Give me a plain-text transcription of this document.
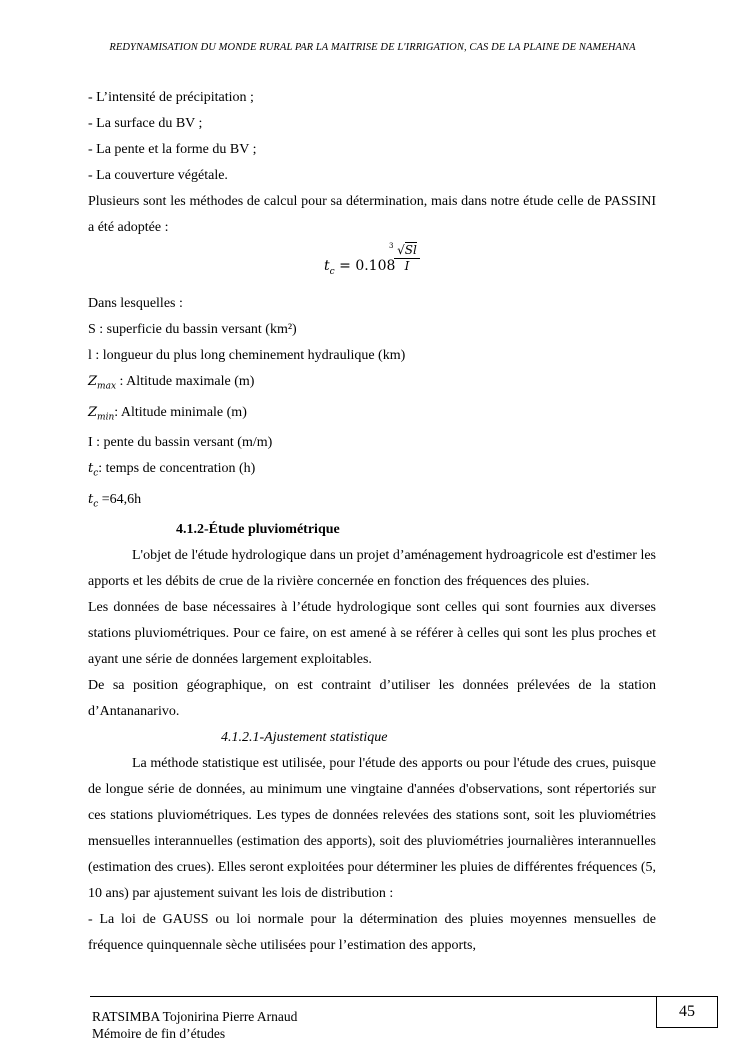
REDYNAMISATION DU MONDE RURAL PAR LA MAITRISE DE L'IRRIGATION, CAS DE LA PLAINE DE NAMEHANA
- L’intensité de précipitation ;
- La surface du BV ;
- La pente et la forme du BV ;
- La couverture végétale.
Plusieurs sont les méthodes de calcul pour sa détermination, mais dans notre étude celle de PASSINI a été adoptée :
$t_c = 0.108$
3 √Sl
I
Dans lesquelles :
S : superficie du bassin versant (km²)
l : longueur du plus long cheminement hydraulique (km)
$Z_{max}$ : Altitude maximale (m)
$Z_{min}$: Altitude minimale (m)
I : pente du bassin versant (m/m)
$t_c$: temps de concentration (h)
$t_c =64,6h$
4.1.2-Étude pluviométrique
L'objet de l'étude hydrologique dans un projet d’aménagement hydroagricole est d'estimer les apports et les débits de crue de la rivière concernée en fonction des fréquences des pluies.
Les données de base nécessaires à l’étude hydrologique sont celles qui sont fournies aux diverses stations pluviométriques. Pour ce faire, on est amené à se référer à celles qui sont les plus proches et ayant une série de données largement exploitables.
De sa position géographique, on est contraint d’utiliser les données prélevées de la station d’Antananarivo.
4.1.2.1-Ajustement statistique
La méthode statistique est utilisée, pour l'étude des apports ou pour l'étude des crues, puisque de longue série de données, au minimum une vingtaine d'années d'observations, sont répertoriés sur ces stations pluviométriques. Les types de données relevées des stations sont, soit les pluviométries mensuelles interannuelles (estimation des apports), soit des pluviométries journalières interannuelles (estimation des crues). Elles seront exploitées pour déterminer les pluies de différentes fréquences (5, 10 ans) par ajustement suivant les lois de distribution :
- La loi de GAUSS ou loi normale pour la détermination des pluies moyennes mensuelles de fréquence quinquennale sèche utilisées pour l’estimation des apports,
RATSIMBA Tojonirina Pierre Arnaud
Mémoire de fin d’études
45
